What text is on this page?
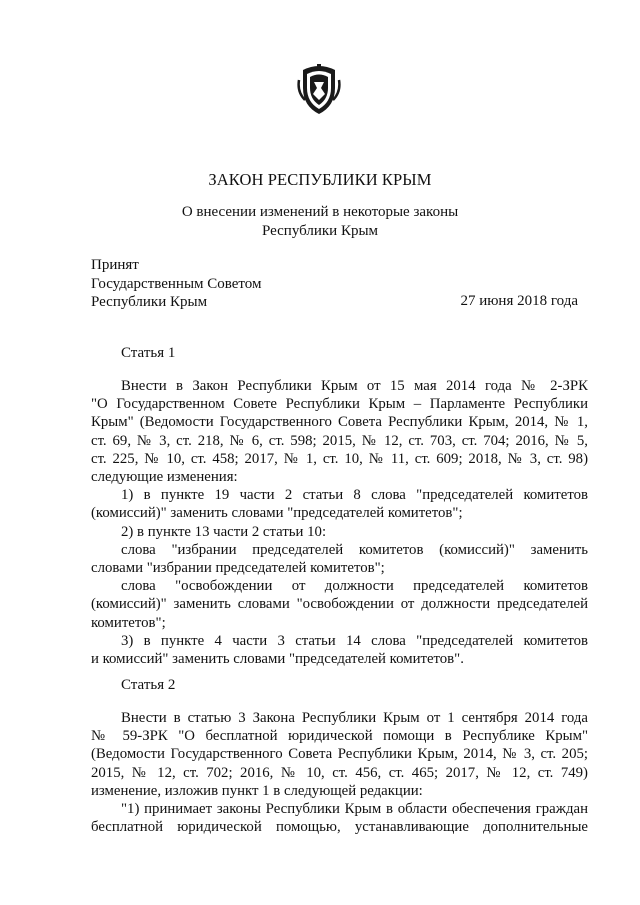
ЗАКОН РЕСПУБЛИКИ КРЫМ
О внесении изменений в некоторые законы
Республики Крым
Принят
Государственным Советом
Республики Крым	27 июня 2018 года
Статья 1

Внести в Закон Республики Крым от 15 мая 2014 года № 2-ЗРК

"О Государственном Совете Республики Крым – Парламенте Республики

Крым" (Ведомости Государственного Совета Республики Крым, 2014, № 1,

ст. 69, № 3, ст. 218, № 6, ст. 598; 2015, № 12, ст. 703, ст. 704; 2016, № 5,

ст. 225, № 10, ст. 458; 2017, № 1, ст. 10, № 11, ст. 609; 2018, № 3, ст. 98)

следующие изменения:

1) в пункте 19 части 2 статьи 8 слова "председателей комитетов

(комиссий)" заменить словами "председателей комитетов";

2) в пункте 13 части 2 статьи 10:

слова "избрании председателей комитетов (комиссий)" заменить

словами "избрании председателей комитетов";

слова "освобождении от должности председателей комитетов

(комиссий)" заменить словами "освобождении от должности председателей

комитетов";

3) в пункте 4 части 3 статьи 14 слова "председателей комитетов

и комиссий" заменить словами "председателей комитетов".

Статья 2

Внести в статью 3 Закона Республики Крым от 1 сентября 2014 года

№ 59-ЗРК "О бесплатной юридической помощи в Республике Крым"

(Ведомости Государственного Совета Республики Крым, 2014, № 3, ст. 205;

2015, № 12, ст. 702; 2016, № 10, ст. 456, ст. 465; 2017, № 12, ст. 749)

изменение, изложив пункт 1 в следующей редакции:

"1) принимает законы Республики Крым в области обеспечения граждан

бесплатной юридической помощью, устанавливающие дополнительные
